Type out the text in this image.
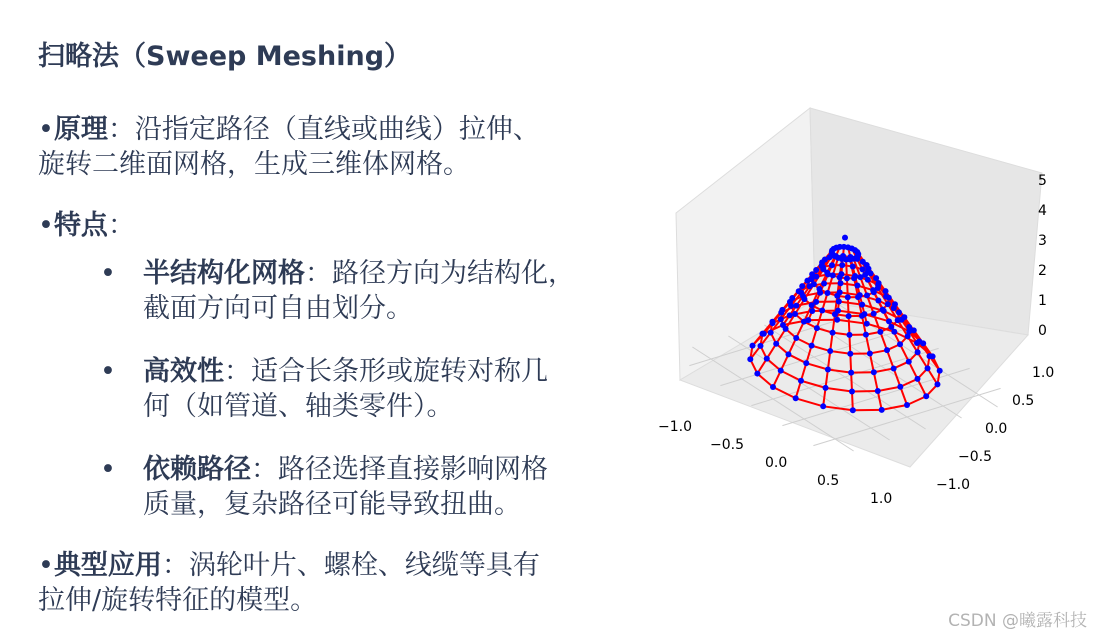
扫略法（Sweep Meshing）
•原理：沿指定路径（直线或曲线）拉伸、
旋转二维面网格，生成三维体网格。
•特点：
• 半结构化网格：路径方向为结构化，
截面方向可自由划分。
• 高效性：适合长条形或旋转对称几
何（如管道、轴类零件）。
• 依赖路径：路径选择直接影响网格
质量，复杂路径可能导致扭曲。
•典型应用：涡轮叶片、螺栓、线缆等具有
拉伸/旋转特征的模型。
5
4
3
2
1
0
1.0
0.5
0.0
−0.5
−1.0
−1.0
−0.5
0.0
0.5
1.0
CSDN @曦露科技
